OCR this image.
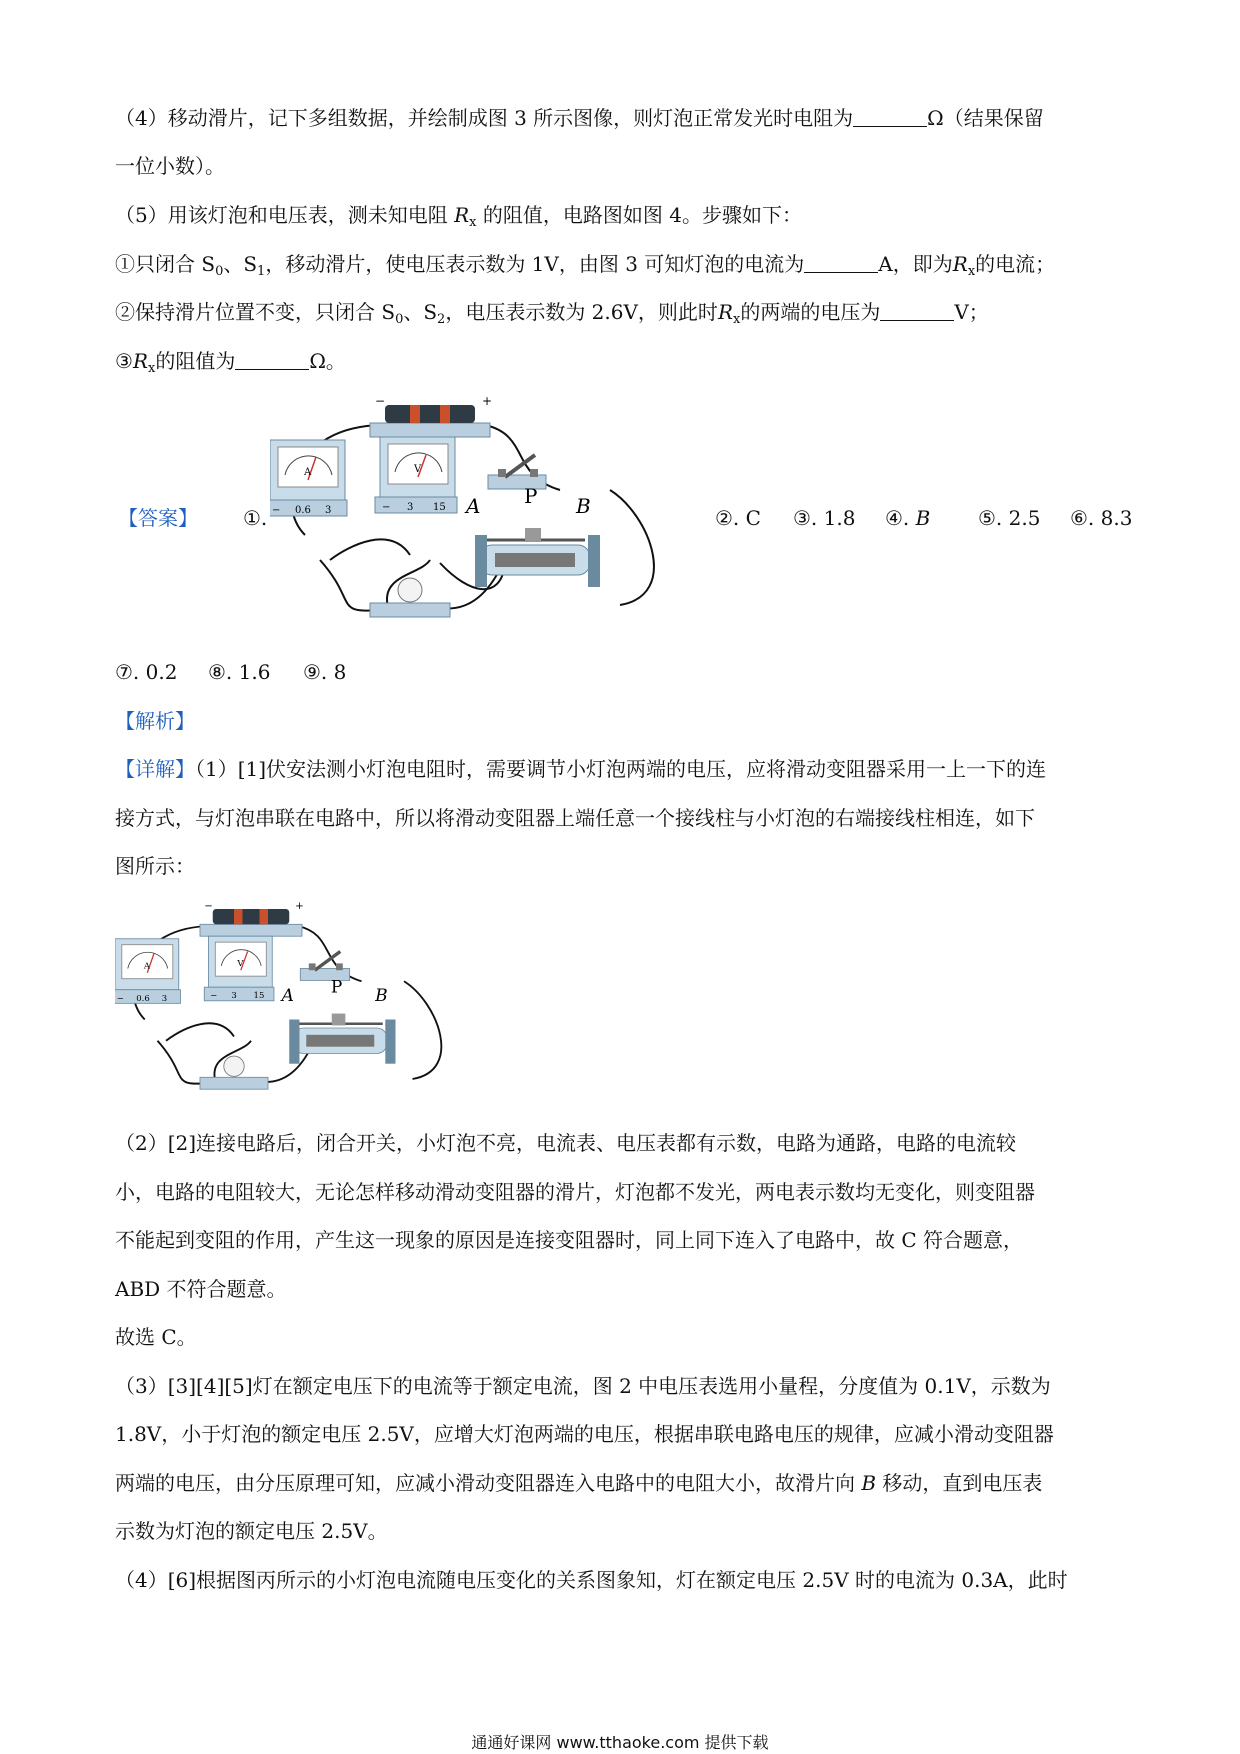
（4）移动滑片，记下多组数据，并绘制成图 3 所示图像，则灯泡正常发光时电阻为	Ω（结果保留
一位小数）。
（5）用该灯泡和电压表，测未知电阻 $R_x$ 的阻值，电路图如图 4。步骤如下：
①只闭合 $S_0$、$S_1$，移动滑片，使电压表示数为 1V，由图 3 可知灯泡的电流为	A，即为$R_x$的电流；
②保持滑片位置不变，只闭合 $S_0$、$S_2$，电压表示数为 2.6V，则此时$R_x$的两端的电压为	V；
$③R_x$的阻值为	Ω。
【答案】 ①.	②. C ③. 1.8 ④. B ⑤. 2.5 ⑥. 8.3
−	+
A
− 0.6 3
V
− 3 15 A P B
⑦. 0.2 ⑧. 1.6 ⑨. 8
【解析】
【详解】（1）[1]伏安法测小灯泡电阻时，需要调节小灯泡两端的电压，应将滑动变阻器采用一上一下的连
接方式，与灯泡串联在电路中，所以将滑动变阻器上端任意一个接线柱与小灯泡的右端接线柱相连，如下
图所示：
−	+
A
− 0.6 3
V
− 3 15 A P B
（2）[2]连接电路后，闭合开关，小灯泡不亮，电流表、电压表都有示数，电路为通路，电路的电流较
小，电路的电阻较大，无论怎样移动滑动变阻器的滑片，灯泡都不发光，两电表示数均无变化，则变阻器
不能起到变阻的作用，产生这一现象的原因是连接变阻器时，同上同下连入了电路中，故 C 符合题意，
ABD 不符合题意。
故选 C。
（3）[3][4][5]灯在额定电压下的电流等于额定电流，图 2 中电压表选用小量程，分度值为 0.1V，示数为
1.8V，小于灯泡的额定电压 2.5V，应增大灯泡两端的电压，根据串联电路电压的规律，应减小滑动变阻器
两端的电压，由分压原理可知，应减小滑动变阻器连入电路中的电阻大小，故滑片向 B 移动，直到电压表
示数为灯泡的额定电压 2.5V。
（4）[6]根据图丙所示的小灯泡电流随电压变化的关系图象知，灯在额定电压 2.5V 时的电流为 0.3A，此时
通通好课网 www.tthaoke.com 提供下载
